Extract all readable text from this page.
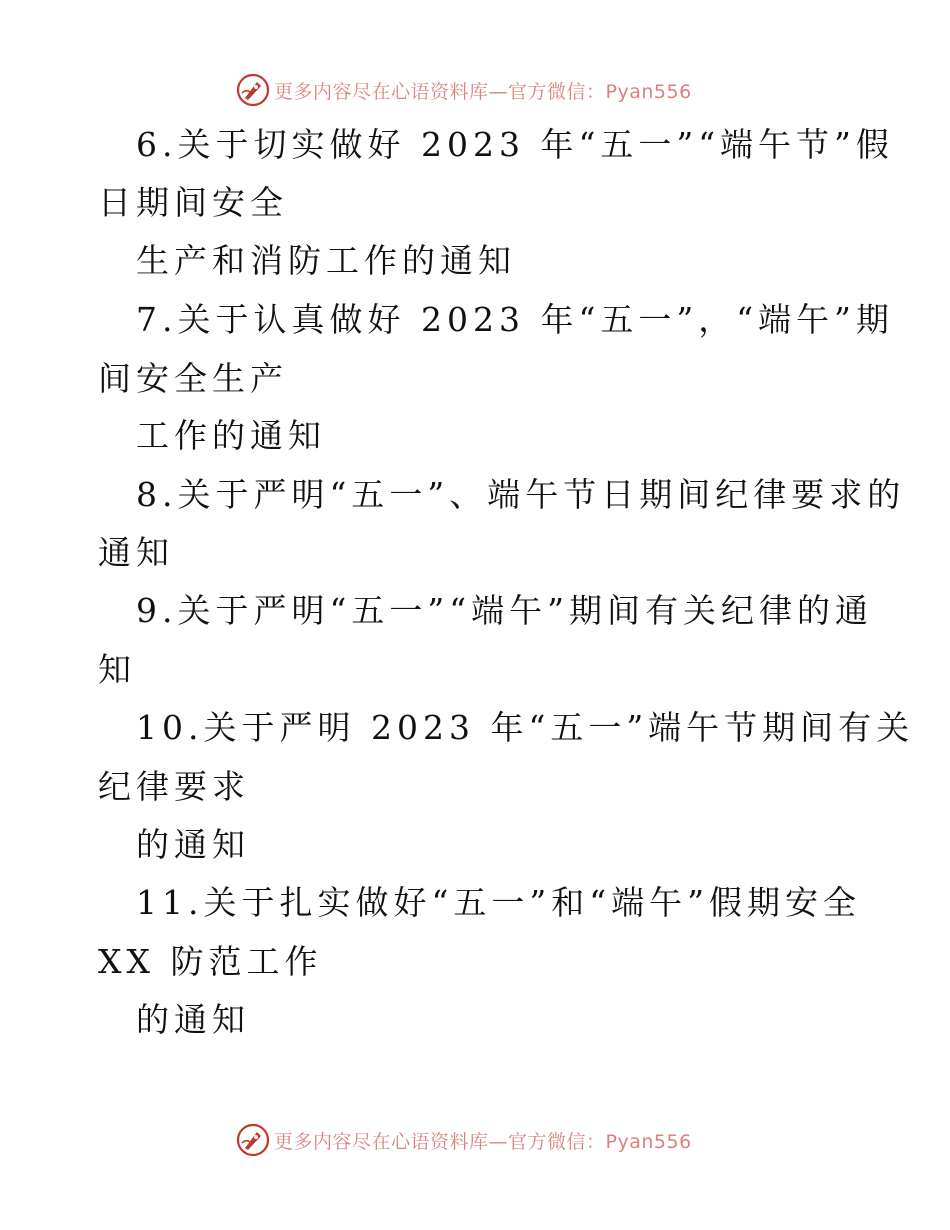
更多内容尽在心语资料库—官方微信：Pyan556
6.关于切实做好 2023 年“五一”“端午节”假
日期间安全
生产和消防工作的通知
7.关于认真做好 2023 年“五一”，“端午”期
间安全生产
工作的通知
8.关于严明“五一”、端午节日期间纪律要求的
通知
9.关于严明“五一”“端午”期间有关纪律的通
知
10.关于严明 2023 年“五一”端午节期间有关
纪律要求
的通知
11.关于扎实做好“五一”和“端午”假期安全
XX 防范工作
的通知
更多内容尽在心语资料库—官方微信：Pyan556
